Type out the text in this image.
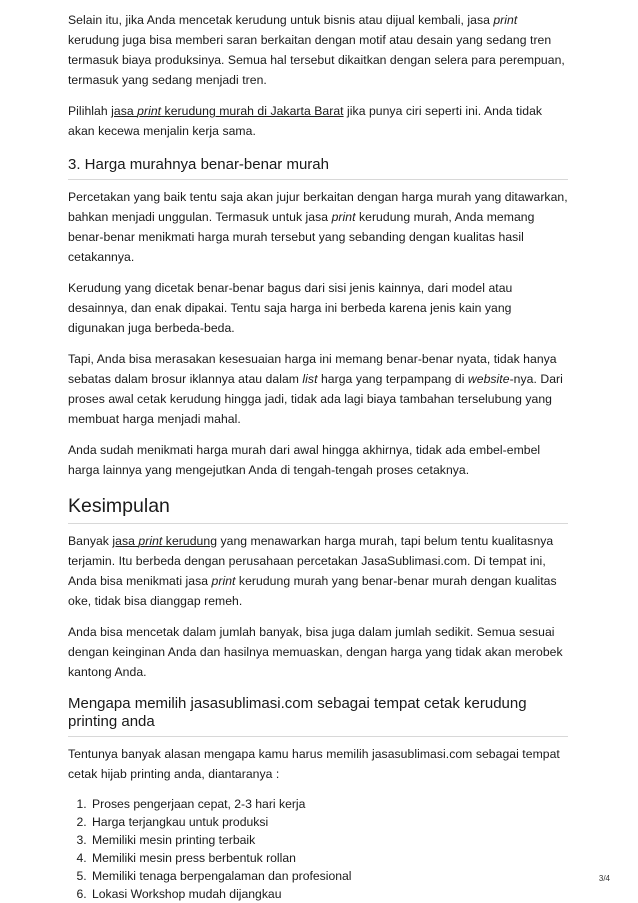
Selain itu, jika Anda mencetak kerudung untuk bisnis atau dijual kembali, jasa print kerudung juga bisa memberi saran berkaitan dengan motif atau desain yang sedang tren termasuk biaya produksinya. Semua hal tersebut dikaitkan dengan selera para perempuan, termasuk yang sedang menjadi tren.

Pilihlah jasa print kerudung murah di Jakarta Barat jika punya ciri seperti ini. Anda tidak akan kecewa menjalin kerja sama.

3. Harga murahnya benar-benar murah

Percetakan yang baik tentu saja akan jujur berkaitan dengan harga murah yang ditawarkan, bahkan menjadi unggulan. Termasuk untuk jasa print kerudung murah, Anda memang benar-benar menikmati harga murah tersebut yang sebanding dengan kualitas hasil cetakannya.

Kerudung yang dicetak benar-benar bagus dari sisi jenis kainnya, dari model atau desainnya, dan enak dipakai. Tentu saja harga ini berbeda karena jenis kain yang digunakan juga berbeda-beda.

Tapi, Anda bisa merasakan kesesuaian harga ini memang benar-benar nyata, tidak hanya sebatas dalam brosur iklannya atau dalam list harga yang terpampang di website-nya. Dari proses awal cetak kerudung hingga jadi, tidak ada lagi biaya tambahan terselubung yang membuat harga menjadi mahal.

Anda sudah menikmati harga murah dari awal hingga akhirnya, tidak ada embel-embel harga lainnya yang mengejutkan Anda di tengah-tengah proses cetaknya.

Kesimpulan

Banyak jasa print kerudung yang menawarkan harga murah, tapi belum tentu kualitasnya terjamin. Itu berbeda dengan perusahaan percetakan JasaSublimasi.com. Di tempat ini, Anda bisa menikmati jasa print kerudung murah yang benar-benar murah dengan kualitas oke, tidak bisa dianggap remeh.

Anda bisa mencetak dalam jumlah banyak, bisa juga dalam jumlah sedikit. Semua sesuai dengan keinginan Anda dan hasilnya memuaskan, dengan harga yang tidak akan merobek kantong Anda.

Mengapa memilih jasasublimasi.com sebagai tempat cetak kerudung printing anda

Tentunya banyak alasan mengapa kamu harus memilih jasasublimasi.com sebagai tempat cetak hijab printing anda, diantaranya :

1. Proses pengerjaan cepat, 2-3 hari kerja
2. Harga terjangkau untuk produksi
3. Memiliki mesin printing terbaik
4. Memiliki mesin press berbentuk rollan
5. Memiliki tenaga berpengalaman dan profesional
6. Lokasi Workshop mudah dijangkau
3/4
